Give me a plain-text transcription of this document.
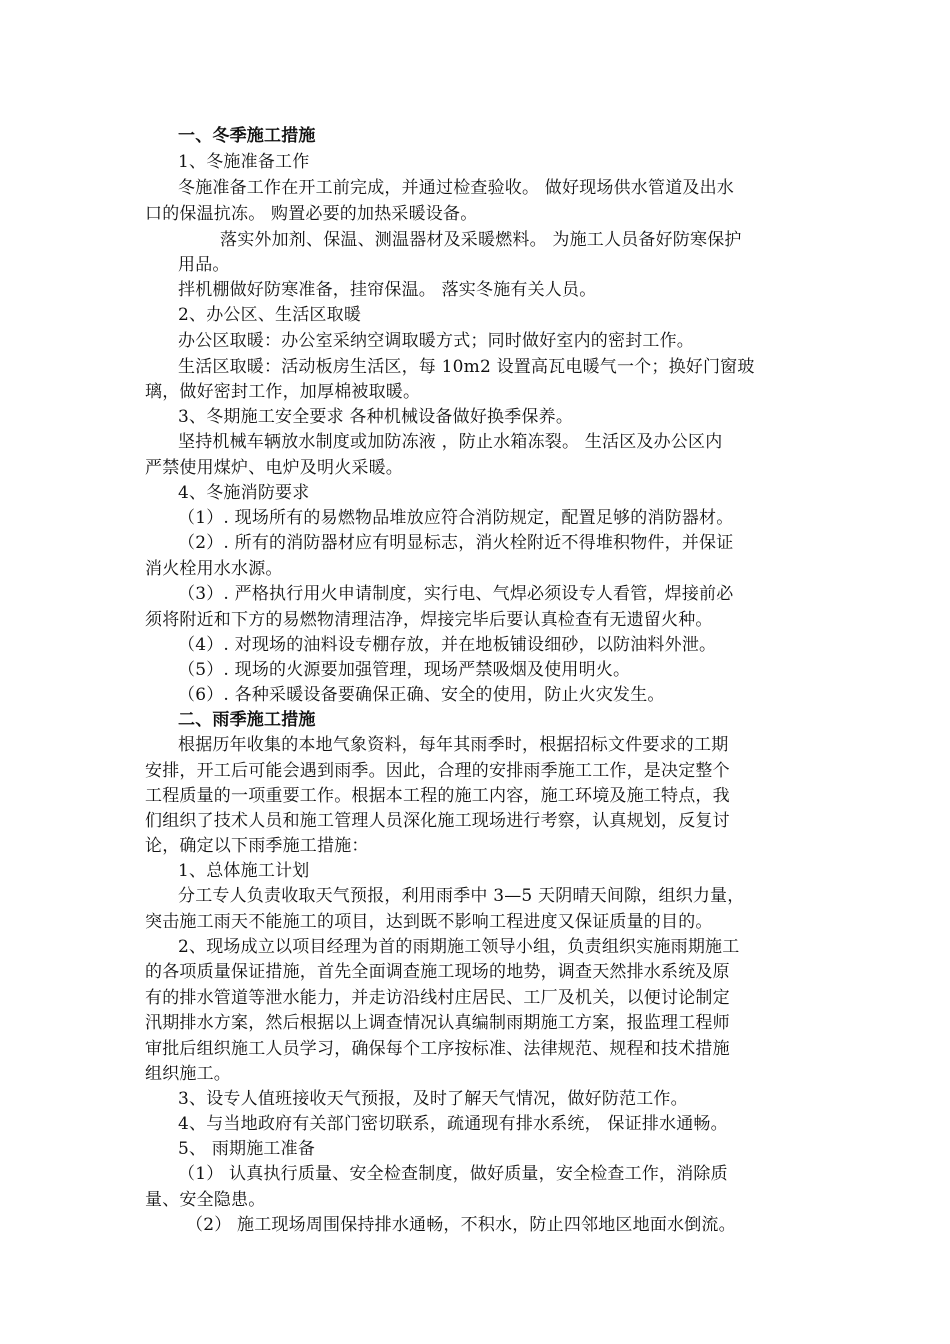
一、冬季施工措施
1、冬施准备工作
冬施准备工作在开工前完成，并通过检查验收。 做好现场供水管道及出水
口的保温抗冻。 购置必要的加热采暖设备。
落实外加剂、保温、测温器材及采暖燃料。 为施工人员备好防寒保护
用品。
拌机棚做好防寒准备，挂帘保温。 落实冬施有关人员。
2、办公区、生活区取暖
办公区取暖：办公室采纳空调取暖方式；同时做好室内的密封工作。
生活区取暖：活动板房生活区，每 10m2 设置高瓦电暖气一个；换好门窗玻
璃，做好密封工作，加厚棉被取暖。
3、冬期施工安全要求 各种机械设备做好换季保养。
坚持机械车辆放水制度或加防冻液 ，防止水箱冻裂。 生活区及办公区内
严禁使用煤炉、电炉及明火采暖。
4、冬施消防要求
（1）. 现场所有的易燃物品堆放应符合消防规定，配置足够的消防器材。
（2）. 所有的消防器材应有明显标志，消火栓附近不得堆积物件，并保证
消火栓用水水源。
（3）. 严格执行用火申请制度，实行电、气焊必须设专人看管，焊接前必
须将附近和下方的易燃物清理洁净，焊接完毕后要认真检查有无遗留火种。
（4）. 对现场的油料设专棚存放，并在地板铺设细砂，以防油料外泄。
（5）. 现场的火源要加强管理，现场严禁吸烟及使用明火。
（6）. 各种采暖设备要确保正确、安全的使用，防止火灾发生。
二、雨季施工措施
根据历年收集的本地气象资料，每年其雨季时，根据招标文件要求的工期
安排，开工后可能会遇到雨季。因此，合理的安排雨季施工工作，是决定整个
工程质量的一项重要工作。根据本工程的施工内容，施工环境及施工特点，我
们组织了技术人员和施工管理人员深化施工现场进行考察，认真规划，反复讨
论，确定以下雨季施工措施：
1、总体施工计划
分工专人负责收取天气预报，利用雨季中 3—5 天阴晴天间隙，组织力量，
突击施工雨天不能施工的项目，达到既不影响工程进度又保证质量的目的。
2、现场成立以项目经理为首的雨期施工领导小组，负责组织实施雨期施工
的各项质量保证措施，首先全面调查施工现场的地势，调查天然排水系统及原
有的排水管道等泄水能力，并走访沿线村庄居民、工厂及机关，以便讨论制定
汛期排水方案，然后根据以上调查情况认真编制雨期施工方案，报监理工程师
审批后组织施工人员学习，确保每个工序按标准、法律规范、规程和技术措施
组织施工。
3、设专人值班接收天气预报，及时了解天气情况，做好防范工作。
4、与当地政府有关部门密切联系，疏通现有排水系统， 保证排水通畅。
5、 雨期施工准备
（1） 认真执行质量、安全检查制度，做好质量，安全检查工作，消除质
量、安全隐患。
（2） 施工现场周围保持排水通畅，不积水，防止四邻地区地面水倒流。
